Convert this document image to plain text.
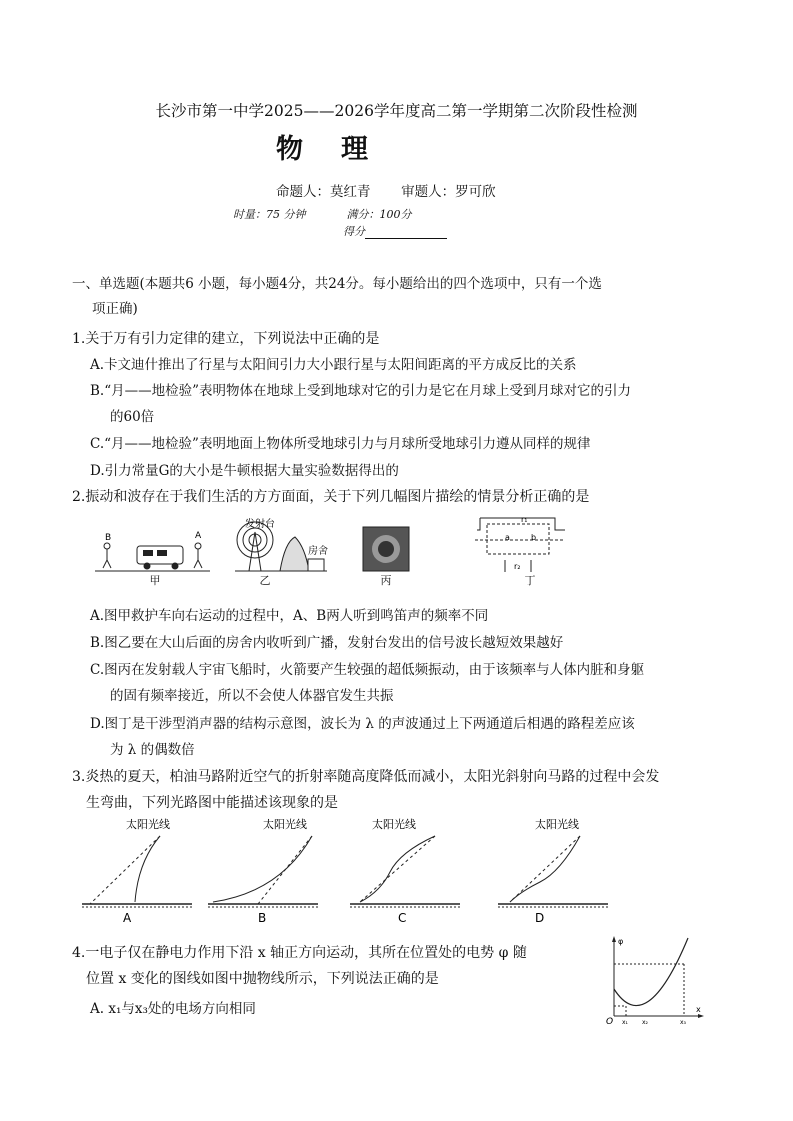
长沙市第一中学2025——2026学年度高二第一学期第二次阶段性检测
物理
命题人：莫红青 审题人：罗可欣
时量：75 分钟	满分：100分
得分
一、单选题(本题共6 小题，每小题4分，共24分。每小题给出的四个选项中，只有一个选
项正确)
1.关于万有引力定律的建立，下列说法中正确的是
A.卡文迪什推出了行星与太阳间引力大小跟行星与太阳间距离的平方成反比的关系
B.“月——地检验”表明物体在地球上受到地球对它的引力是它在月球上受到月球对它的引力
的60倍
C.“月——地检验”表明地面上物体所受地球引力与月球所受地球引力遵从同样的规律
D.引力常量G的大小是牛顿根据大量实验数据得出的
2.振动和波存在于我们生活的方方面面，关于下列几幅图片描绘的情景分析正确的是
B	A
发射台
房舍
r₁
r₂
a	b
甲	乙	丙	丁
A.图甲救护车向右运动的过程中，A、B两人听到鸣笛声的频率不同
B.图乙要在大山后面的房舍内收听到广播，发射台发出的信号波长越短效果越好
C.图丙在发射载人宇宙飞船时，火箭要产生较强的超低频振动，由于该频率与人体内脏和身躯
的固有频率接近，所以不会使人体器官发生共振
D.图丁是干涉型消声器的结构示意图，波长为 λ 的声波通过上下两通道后相遇的路程差应该
为 λ 的偶数倍
3.炎热的夏天，柏油马路附近空气的折射率随高度降低而减小，太阳光斜射向马路的过程中会发
生弯曲，下列光路图中能描述该现象的是
太阳光线
A
太阳光线
B
太阳光线
C
太阳光线
D
4.一电子仅在静电力作用下沿 x 轴正方向运动，其所在位置处的电势 φ 随
位置 x 变化的图线如图中抛物线所示，下列说法正确的是
A. x₁与x₃处的电场方向相同
φ
x
O x₁ x₂	x₃
